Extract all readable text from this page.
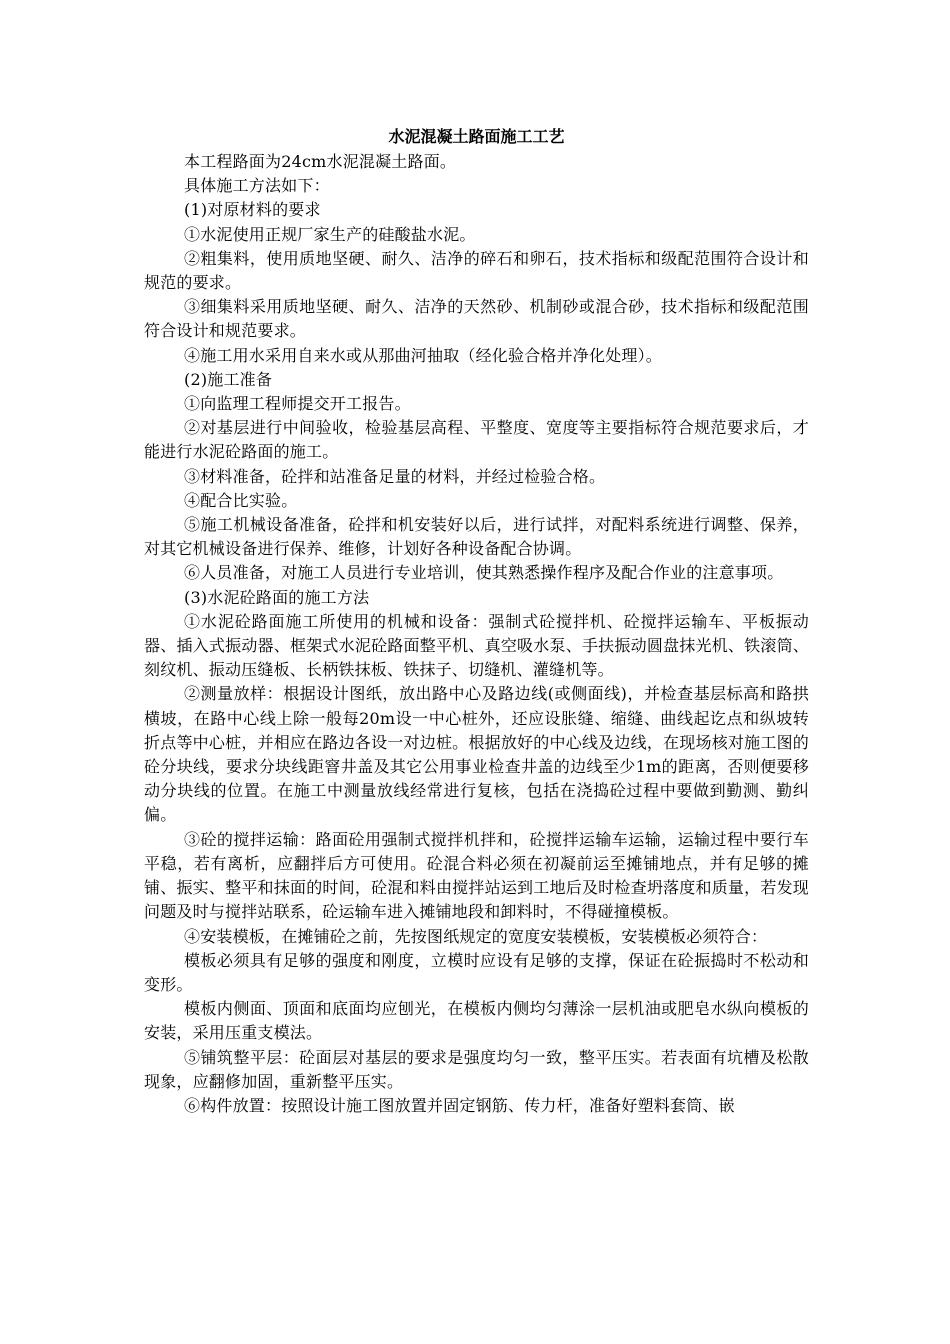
水泥混凝土路面施工工艺

本工程路面为24cm水泥混凝土路面。

具体施工方法如下：

(1)对原材料的要求

①水泥使用正规厂家生产的硅酸盐水泥。

②粗集料，使用质地坚硬、耐久、洁净的碎石和卵石，技术指标和级配范围符合设计和规范的要求。

③细集料采用质地坚硬、耐久、洁净的天然砂、机制砂或混合砂，技术指标和级配范围符合设计和规范要求。

④施工用水采用自来水或从那曲河抽取（经化验合格并净化处理）。

(2)施工准备

①向监理工程师提交开工报告。

②对基层进行中间验收，检验基层高程、平整度、宽度等主要指标符合规范要求后，才能进行水泥砼路面的施工。

③材料准备，砼拌和站准备足量的材料，并经过检验合格。

④配合比实验。

⑤施工机械设备准备，砼拌和机安装好以后，进行试拌，对配料系统进行调整、保养，对其它机械设备进行保养、维修，计划好各种设备配合协调。

⑥人员准备，对施工人员进行专业培训，使其熟悉操作程序及配合作业的注意事项。

(3)水泥砼路面的施工方法

①水泥砼路面施工所使用的机械和设备：强制式砼搅拌机、砼搅拌运输车、平板振动器、插入式振动器、框架式水泥砼路面整平机、真空吸水泵、手扶振动圆盘抹光机、铁滚筒、刻纹机、振动压缝板、长柄铁抹板、铁抹子、切缝机、灌缝机等。

②测量放样：根据设计图纸，放出路中心及路边线(或侧面线)，并检查基层标高和路拱横坡，在路中心线上除一般每20m设一中心桩外，还应设胀缝、缩缝、曲线起讫点和纵坡转折点等中心桩，并相应在路边各设一对边桩。根据放好的中心线及边线，在现场核对施工图的砼分块线，要求分块线距窨井盖及其它公用事业检查井盖的边线至少1m的距离，否则便要移动分块线的位置。在施工中测量放线经常进行复核，包括在浇捣砼过程中要做到勤测、勤纠偏。

③砼的搅拌运输：路面砼用强制式搅拌机拌和，砼搅拌运输车运输，运输过程中要行车平稳，若有离析，应翻拌后方可使用。砼混合料必须在初凝前运至摊铺地点，并有足够的摊铺、振实、整平和抹面的时间，砼混和料由搅拌站运到工地后及时检查坍落度和质量，若发现问题及时与搅拌站联系，砼运输车进入摊铺地段和卸料时，不得碰撞模板。

④安装模板，在摊铺砼之前，先按图纸规定的宽度安装模板，安装模板必须符合：

模板必须具有足够的强度和刚度，立模时应设有足够的支撑，保证在砼振捣时不松动和变形。

模板内侧面、顶面和底面均应刨光，在模板内侧均匀薄涂一层机油或肥皂水纵向模板的安装，采用压重支模法。

⑤铺筑整平层：砼面层对基层的要求是强度均匀一致，整平压实。若表面有坑槽及松散现象，应翻修加固，重新整平压实。

⑥构件放置：按照设计施工图放置并固定钢筋、传力杆，准备好塑料套筒、嵌
